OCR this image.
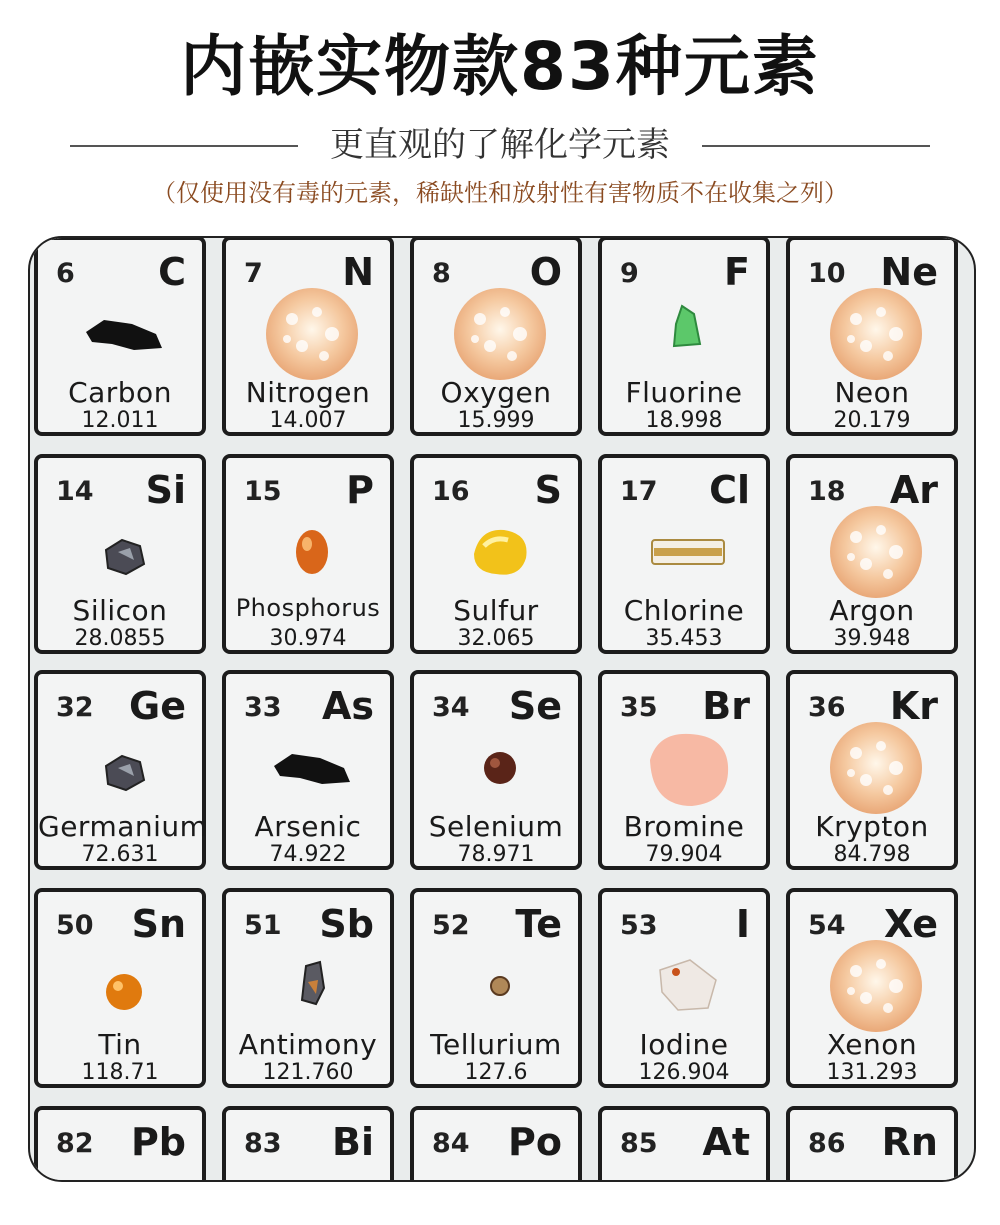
内嵌实物款83种元素
更直观的了解化学元素
（仅使用没有毒的元素，稀缺性和放射性有害物质不在收集之列）
6 C
Carbon
12.011
7 N
Nitrogen
14.007
8 O
Oxygen
15.999
9 F
Fluorine
18.998
10 Ne
Neon
20.179
14 Si
Silicon
28.0855
15 P
Phosphorus
30.974
16 S
Sulfur
32.065
17 Cl
Chlorine
35.453
18 Ar
Argon
39.948
32 Ge
Germanium
72.631
33 As
Arsenic
74.922
34 Se
Selenium
78.971
35 Br
Bromine
79.904
36 Kr
Krypton
84.798
50 Sn
Tin
118.71
51 Sb
Antimony
121.760
52 Te
Tellurium
127.6
53 I
Iodine
126.904
54 Xe
Xenon
131.293
82 Pb 83 Bi 84 Po 85 At 86 Rn
